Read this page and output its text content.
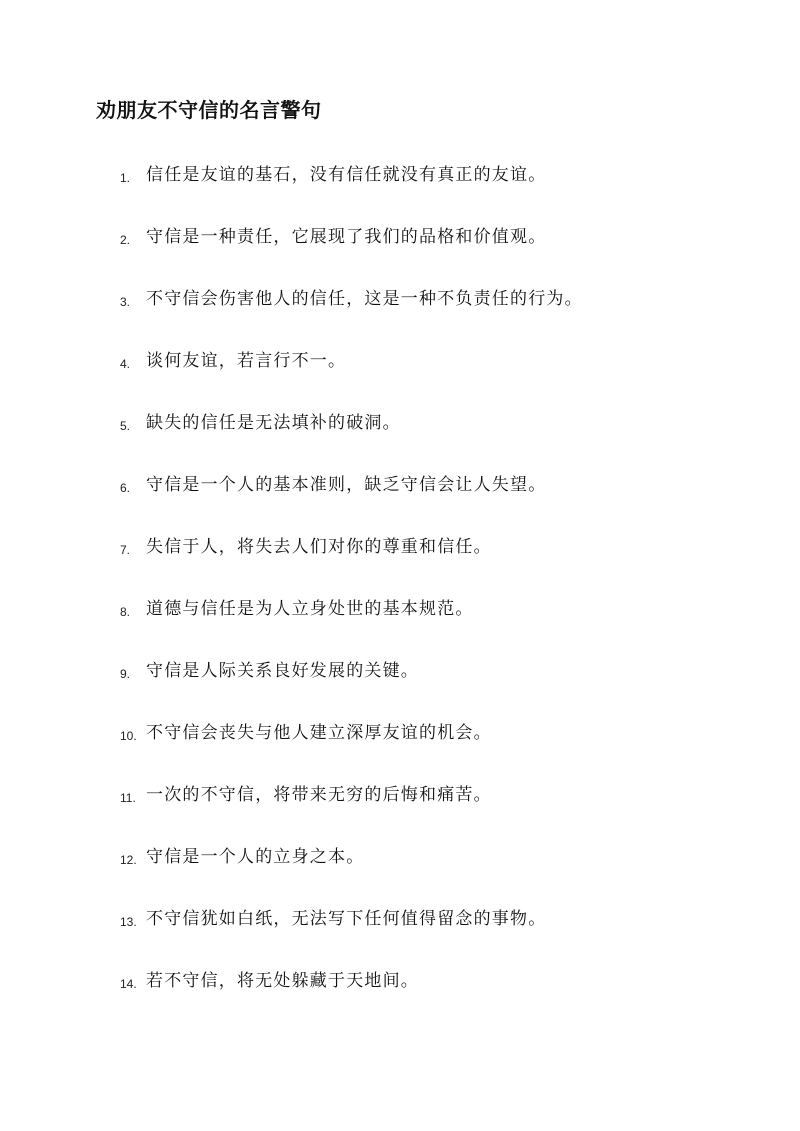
劝朋友不守信的名言警句
1. 信任是友谊的基石，没有信任就没有真正的友谊。
2. 守信是一种责任，它展现了我们的品格和价值观。
3. 不守信会伤害他人的信任，这是一种不负责任的行为。
4. 谈何友谊，若言行不一。
5. 缺失的信任是无法填补的破洞。
6. 守信是一个人的基本准则，缺乏守信会让人失望。
7. 失信于人，将失去人们对你的尊重和信任。
8. 道德与信任是为人立身处世的基本规范。
9. 守信是人际关系良好发展的关键。
10. 不守信会丧失与他人建立深厚友谊的机会。
11. 一次的不守信，将带来无穷的后悔和痛苦。
12. 守信是一个人的立身之本。
13. 不守信犹如白纸，无法写下任何值得留念的事物。
14. 若不守信，将无处躲藏于天地间。
